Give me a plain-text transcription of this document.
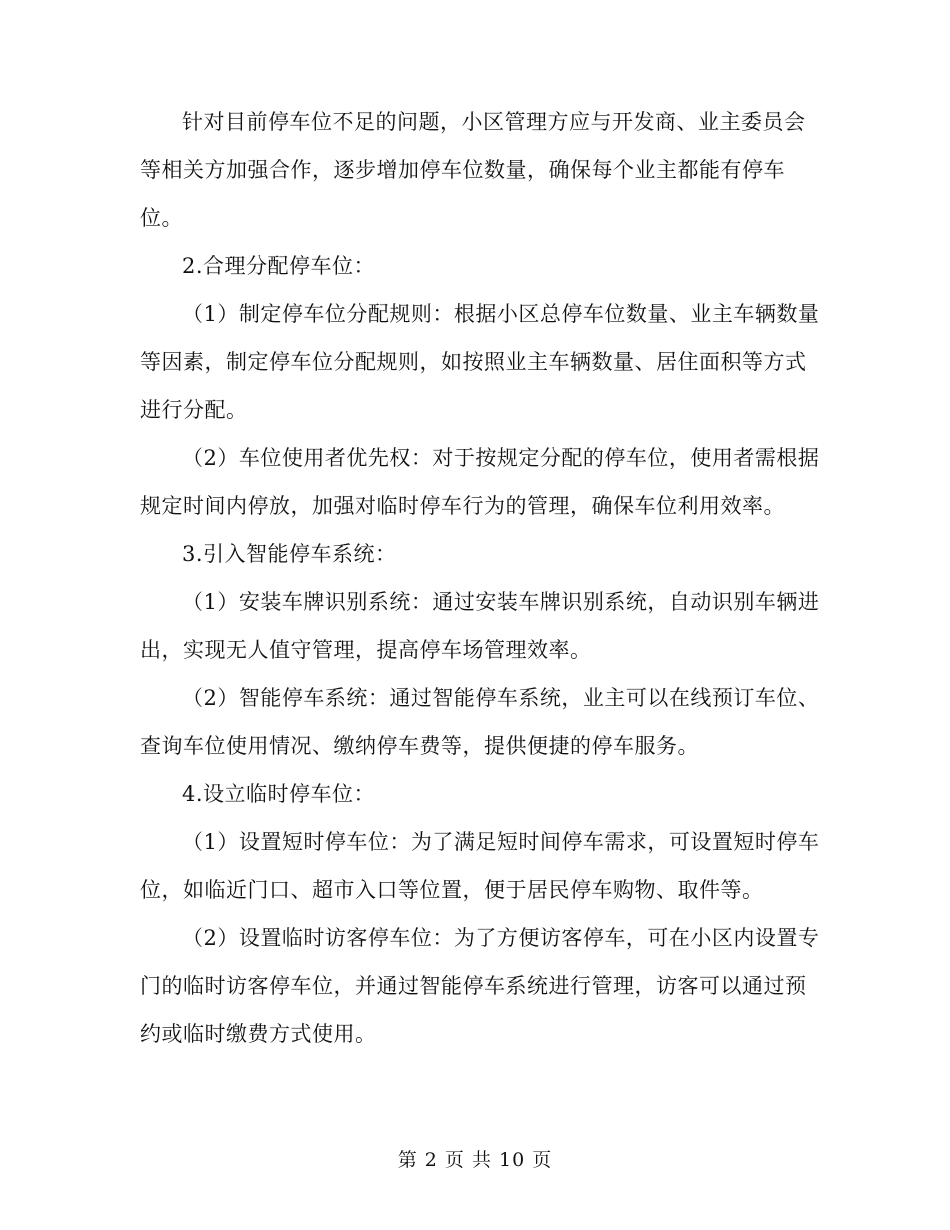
针对目前停车位不足的问题，小区管理方应与开发商、业主委员会等相关方加强合作，逐步增加停车位数量，确保每个业主都能有停车位。

2.合理分配停车位：

（1）制定停车位分配规则：根据小区总停车位数量、业主车辆数量等因素，制定停车位分配规则，如按照业主车辆数量、居住面积等方式进行分配。

（2）车位使用者优先权：对于按规定分配的停车位，使用者需根据规定时间内停放，加强对临时停车行为的管理，确保车位利用效率。

3.引入智能停车系统：

（1）安装车牌识别系统：通过安装车牌识别系统，自动识别车辆进出，实现无人值守管理，提高停车场管理效率。

（2）智能停车系统：通过智能停车系统，业主可以在线预订车位、查询车位使用情况、缴纳停车费等，提供便捷的停车服务。

4.设立临时停车位：

（1）设置短时停车位：为了满足短时间停车需求，可设置短时停车位，如临近门口、超市入口等位置，便于居民停车购物、取件等。

（2）设置临时访客停车位：为了方便访客停车，可在小区内设置专门的临时访客停车位，并通过智能停车系统进行管理，访客可以通过预约或临时缴费方式使用。

第 2 页 共 10 页
